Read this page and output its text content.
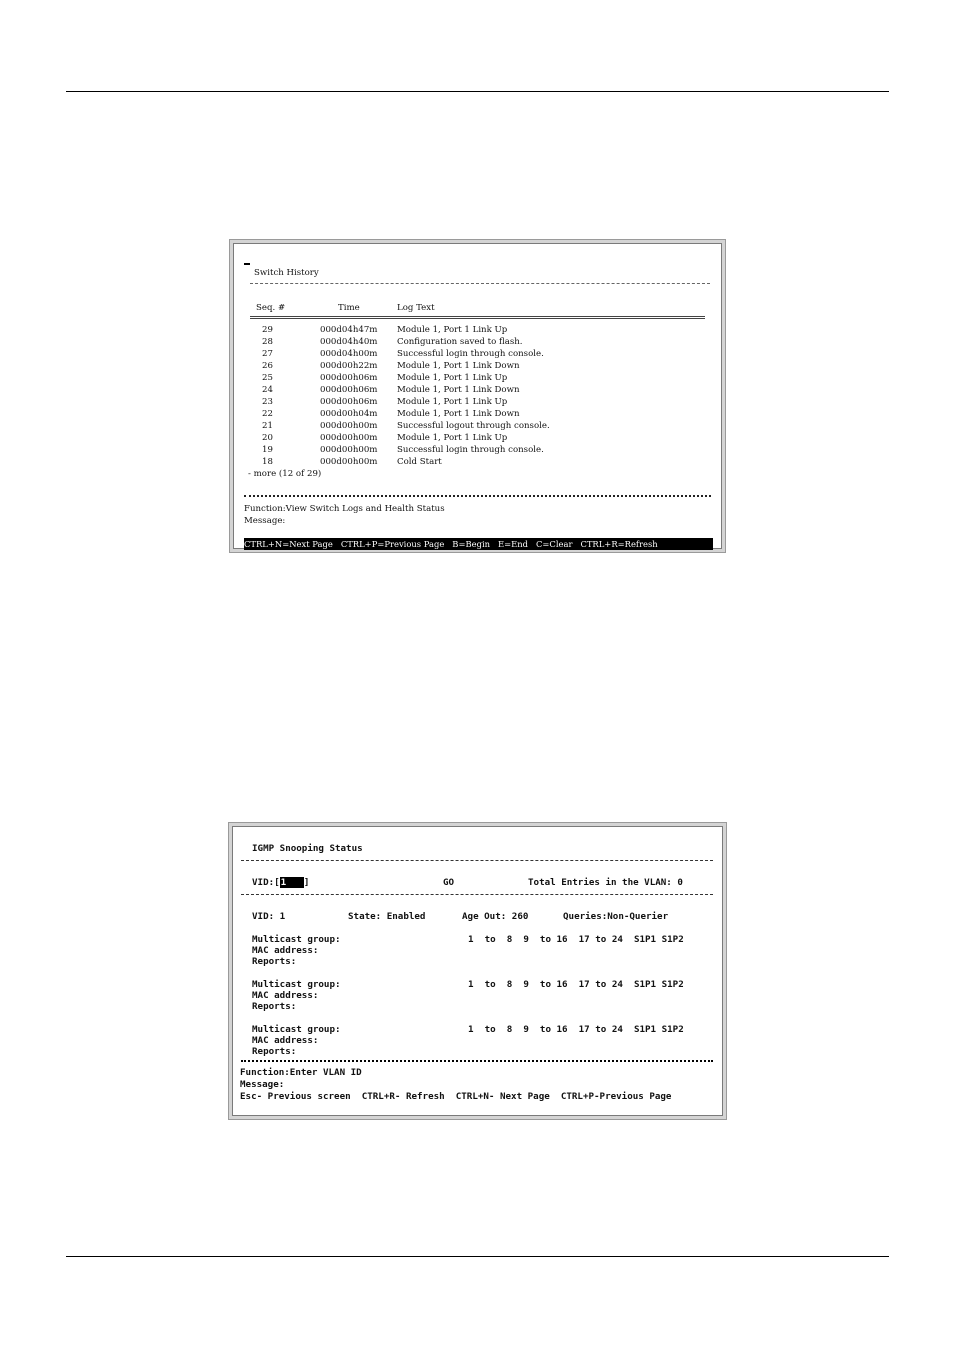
Switch History
Seq. #	Time	Log Text
29	000d04h47m Module 1, Port 1 Link Up
28	000d04h40m Configuration saved to flash.
27	000d04h00m Successful login through console.
26	000d00h22m Module 1, Port 1 Link Down
25	000d00h06m Module 1, Port 1 Link Up
24	000d00h06m Module 1, Port 1 Link Down
23	000d00h06m Module 1, Port 1 Link Up
22	000d00h04m Module 1, Port 1 Link Down
21	000d00h00m Successful logout through console.
20	000d00h00m Module 1, Port 1 Link Up
19	000d00h00m Successful login through console.
18	000d00h00m Cold Start
- more (12 of 29)
Function:View Switch Logs and Health Status
Message:
CTRL+N=Next Page   CTRL+P=Previous Page   B=Begin   E=End   C=Clear   CTRL+R=Refresh
IGMP Snooping Status
VID:[1   ]	GO	Total Entries in the VLAN: 0
VID: 1	State: Enabled	Age Out: 260	Queries:Non-Querier
Multicast group:	1  to  8  9  to 16  17 to 24  S1P1 S1P2
MAC address:
Reports:
Multicast group:	1  to  8  9  to 16  17 to 24  S1P1 S1P2
MAC address:
Reports:
Multicast group:	1  to  8  9  to 16  17 to 24  S1P1 S1P2
MAC address:
Reports:
Function:Enter VLAN ID
Message:
Esc- Previous screen  CTRL+R- Refresh  CTRL+N- Next Page  CTRL+P-Previous Page
